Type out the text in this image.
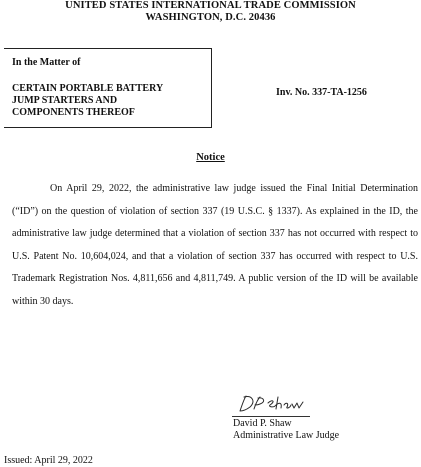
UNITED STATES INTERNATIONAL TRADE COMMISSION
WASHINGTON, D.C. 20436
In the Matter of
CERTAIN PORTABLE BATTERY
JUMP STARTERS AND
COMPONENTS THEREOF
Inv. No. 337-TA-1256
Notice

On April 29, 2022, the administrative law judge issued the Final Initial Determination (“ID”) on the question of violation of section 337 (19 U.S.C. § 1337). As explained in the ID, the administrative law judge determined that a violation of section 337 has not occurred with respect to U.S. Patent No. 10,604,024, and that a violation of section 337 has occurred with respect to U.S. Trademark Registration Nos. 4,811,656 and 4,811,749. A public version of the ID will be available within 30 days.

David P. Shaw
Administrative Law Judge
Issued: April 29, 2022
